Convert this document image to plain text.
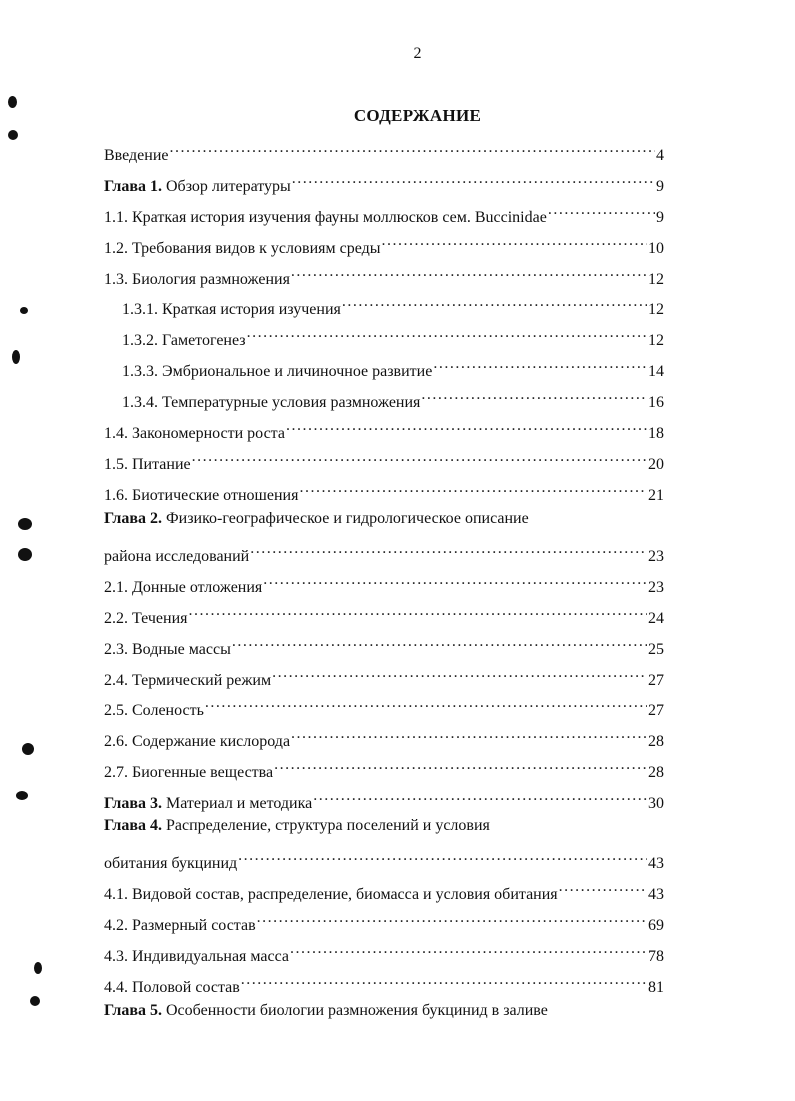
2
СОДЕРЖАНИЕ
Введение .....	4
Глава 1. Обзор литературы .....	9
1.1. Краткая история изучения фауны моллюсков сем. Buccinidae .....	9
1.2. Требования видов к условиям среды .....	10
1.3. Биология размножения .....	12
1.3.1. Краткая история изучения .....	12
1.3.2. Гаметогенез .....	12
1.3.3. Эмбриональное и личиночное развитие .....	14
1.3.4. Температурные условия размножения .....	16
1.4. Закономерности роста .....	18
1.5. Питание .....	20
1.6. Биотические отношения .....	21
Глава 2. Физико-географическое и гидрологическое описание
района исследований .....	23
2.1. Донные отложения .....	23
2.2. Течения .....	24
2.3. Водные массы .....	25
2.4. Термический режим .....	27
2.5. Соленость .....	27
2.6. Содержание кислорода .....	28
2.7. Биогенные вещества .....	28
Глава 3. Материал и методика .....	30
Глава 4. Распределение, структура поселений и условия
обитания букцинид .....	43
4.1. Видовой состав, распределение, биомасса и условия обитания .....	43
4.2. Размерный состав .....	69
4.3. Индивидуальная масса .....	78
4.4. Половой состав .....	81
Глава 5. Особенности биологии размножения букцинид в заливе
